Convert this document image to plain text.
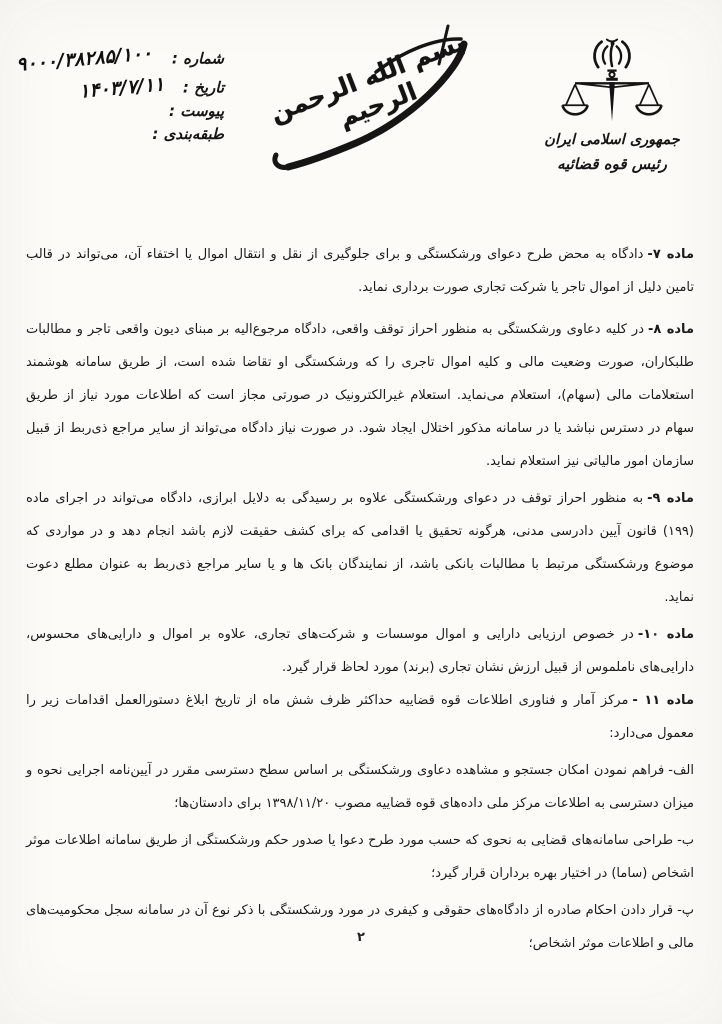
شماره : ۹۰۰۰/۳۸۲۸۵/۱۰۰
تاریخ : ۱۴۰۳/۷/۱۱
پیوست :
طبقه‌بندی :
بسم الله الرحمن الرحیم
جمهوری اسلامی ایران
رئیس قوه قضائیه

ماده ۷-دادگاه به محض طرح دعوای ورشکستگی و برای جلوگیری از نقل و انتقال اموال یا اختفاء آن، می‌تواند در قالب تامین دلیل از اموال تاجر یا شرکت تجاری صورت برداری نماید.

ماده ۸-در کلیه دعاوی ورشکستگی به منظور احراز توقف واقعی، دادگاه مرجوع‌الیه بر مبنای دیون واقعی تاجر و مطالبات طلبکاران، صورت وضعیت مالی و کلیه اموال تاجری را که ورشکستگی او تقاضا شده است، از طریق سامانه هوشمند استعلامات مالی (سهام)، استعلام می‌نماید. استعلام غیرالکترونیک در صورتی مجاز است که اطلاعات مورد نیاز از طریق سهام در دسترس نباشد یا در سامانه مذکور اختلال ایجاد شود. در صورت نیاز دادگاه می‌تواند از سایر مراجع ذی‌ربط از قبیل سازمان امور مالیاتی نیز استعلام نماید.

ماده ۹-به منظور احراز توقف در دعوای ورشکستگی علاوه بر رسیدگی به دلایل ابرازی، دادگاه می‌تواند در اجرای ماده (۱۹۹) قانون آیین دادرسی مدنی، هرگونه تحقیق یا اقدامی که برای کشف حقیقت لازم باشد انجام دهد و در مواردی که موضوع ورشکستگی مرتبط با مطالبات بانکی باشد، از نمایندگان بانک ها و یا سایر مراجع ذی‌ربط به عنوان مطلع دعوت نماید.

ماده ۱۰-در خصوص ارزیابی دارایی و اموال موسسات و شرکت‌های تجاری، علاوه بر اموال و دارایی‌های محسوس، دارایی‌های ناملموس از قبیل ارزش نشان تجاری (برند) مورد لحاظ قرار گیرد.

ماده ۱۱ -مرکز آمار و فناوری اطلاعات قوه قضاییه حداکثر ظرف شش ماه از تاریخ ابلاغ دستورالعمل اقدامات زیر را معمول می‌دارد:

الف-فراهم نمودن امکان جستجو و مشاهده دعاوی ورشکستگی بر اساس سطح دسترسی مقرر در آیین‌نامه اجرایی نحوه و میزان دسترسی به اطلاعات مرکز ملی داده‌های قوه قضاییه مصوب ۱۳۹۸/۱۱/۲۰ برای دادستان‌ها؛

ب-طراحی سامانه‌های قضایی به نحوی که حسب مورد طرح دعوا یا صدور حکم ورشکستگی از طریق سامانه اطلاعات موثر اشخاص (ساما) در اختیار بهره برداران قرار گیرد؛

پ-قرار دادن احکام صادره از دادگاه‌های حقوقی و کیفری در مورد ورشکستگی با ذکر نوع آن در سامانه سجل محکومیت‌های مالی و اطلاعات موثر اشخاص؛

۲
